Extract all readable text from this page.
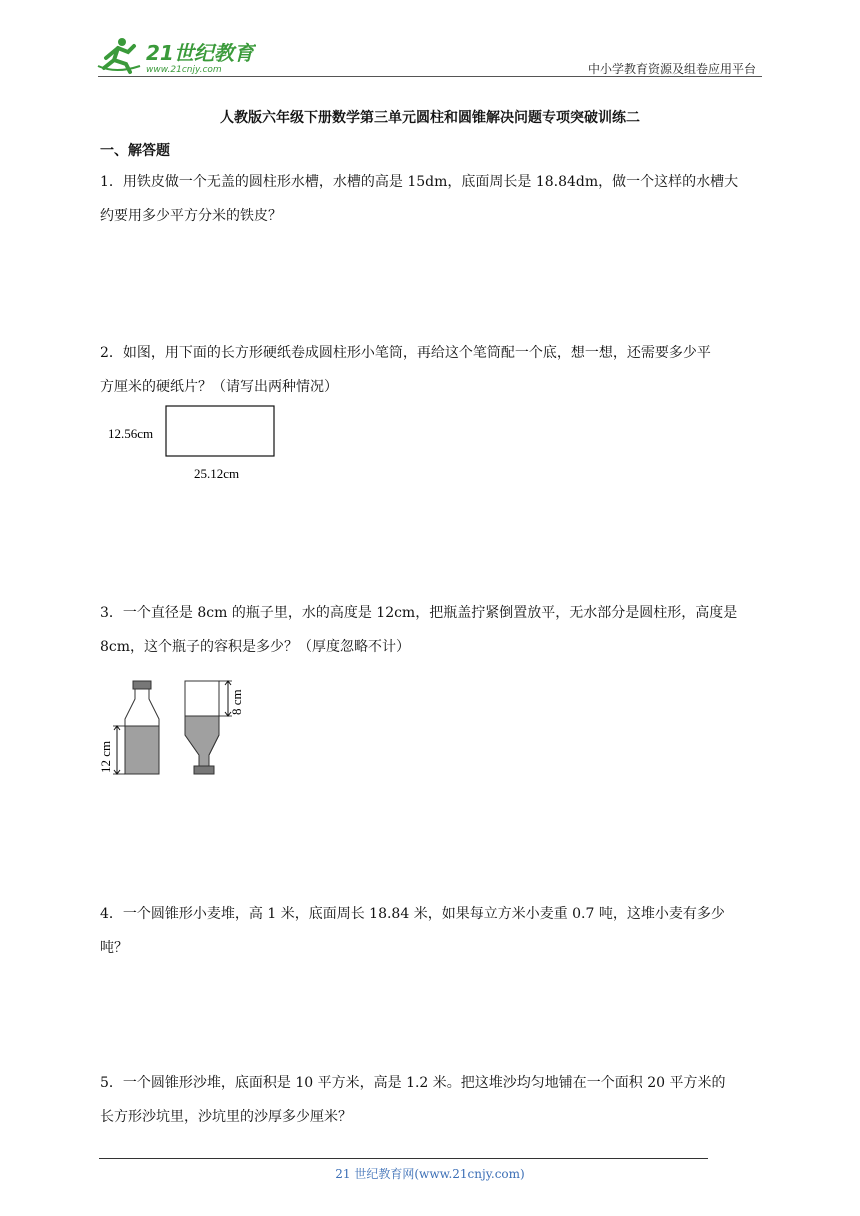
21世纪教育
www.21cnjy.com	中小学教育资源及组卷应用平台
人教版六年级下册数学第三单元圆柱和圆锥解决问题专项突破训练二
一、解答题
1．用铁皮做一个无盖的圆柱形水槽，水槽的高是 15dm，底面周长是 18.84dm，做一个这样的水槽大
约要用多少平方分米的铁皮？
2．如图，用下面的长方形硬纸卷成圆柱形小笔筒，再给这个笔筒配一个底，想一想，还需要多少平
方厘米的硬纸片？（请写出两种情况）
12.56cm
25.12cm
3．一个直径是 8cm 的瓶子里，水的高度是 12cm，把瓶盖拧紧倒置放平，无水部分是圆柱形，高度是
8cm，这个瓶子的容积是多少？（厚度忽略不计）
12 cm
8 cm
4．一个圆锥形小麦堆，高 1 米，底面周长 18.84 米，如果每立方米小麦重 0.7 吨，这堆小麦有多少
吨？
5．一个圆锥形沙堆，底面积是 10 平方米，高是 1.2 米。把这堆沙均匀地铺在一个面积 20 平方米的
长方形沙坑里，沙坑里的沙厚多少厘米？
21 世纪教育网(www.21cnjy.com)
